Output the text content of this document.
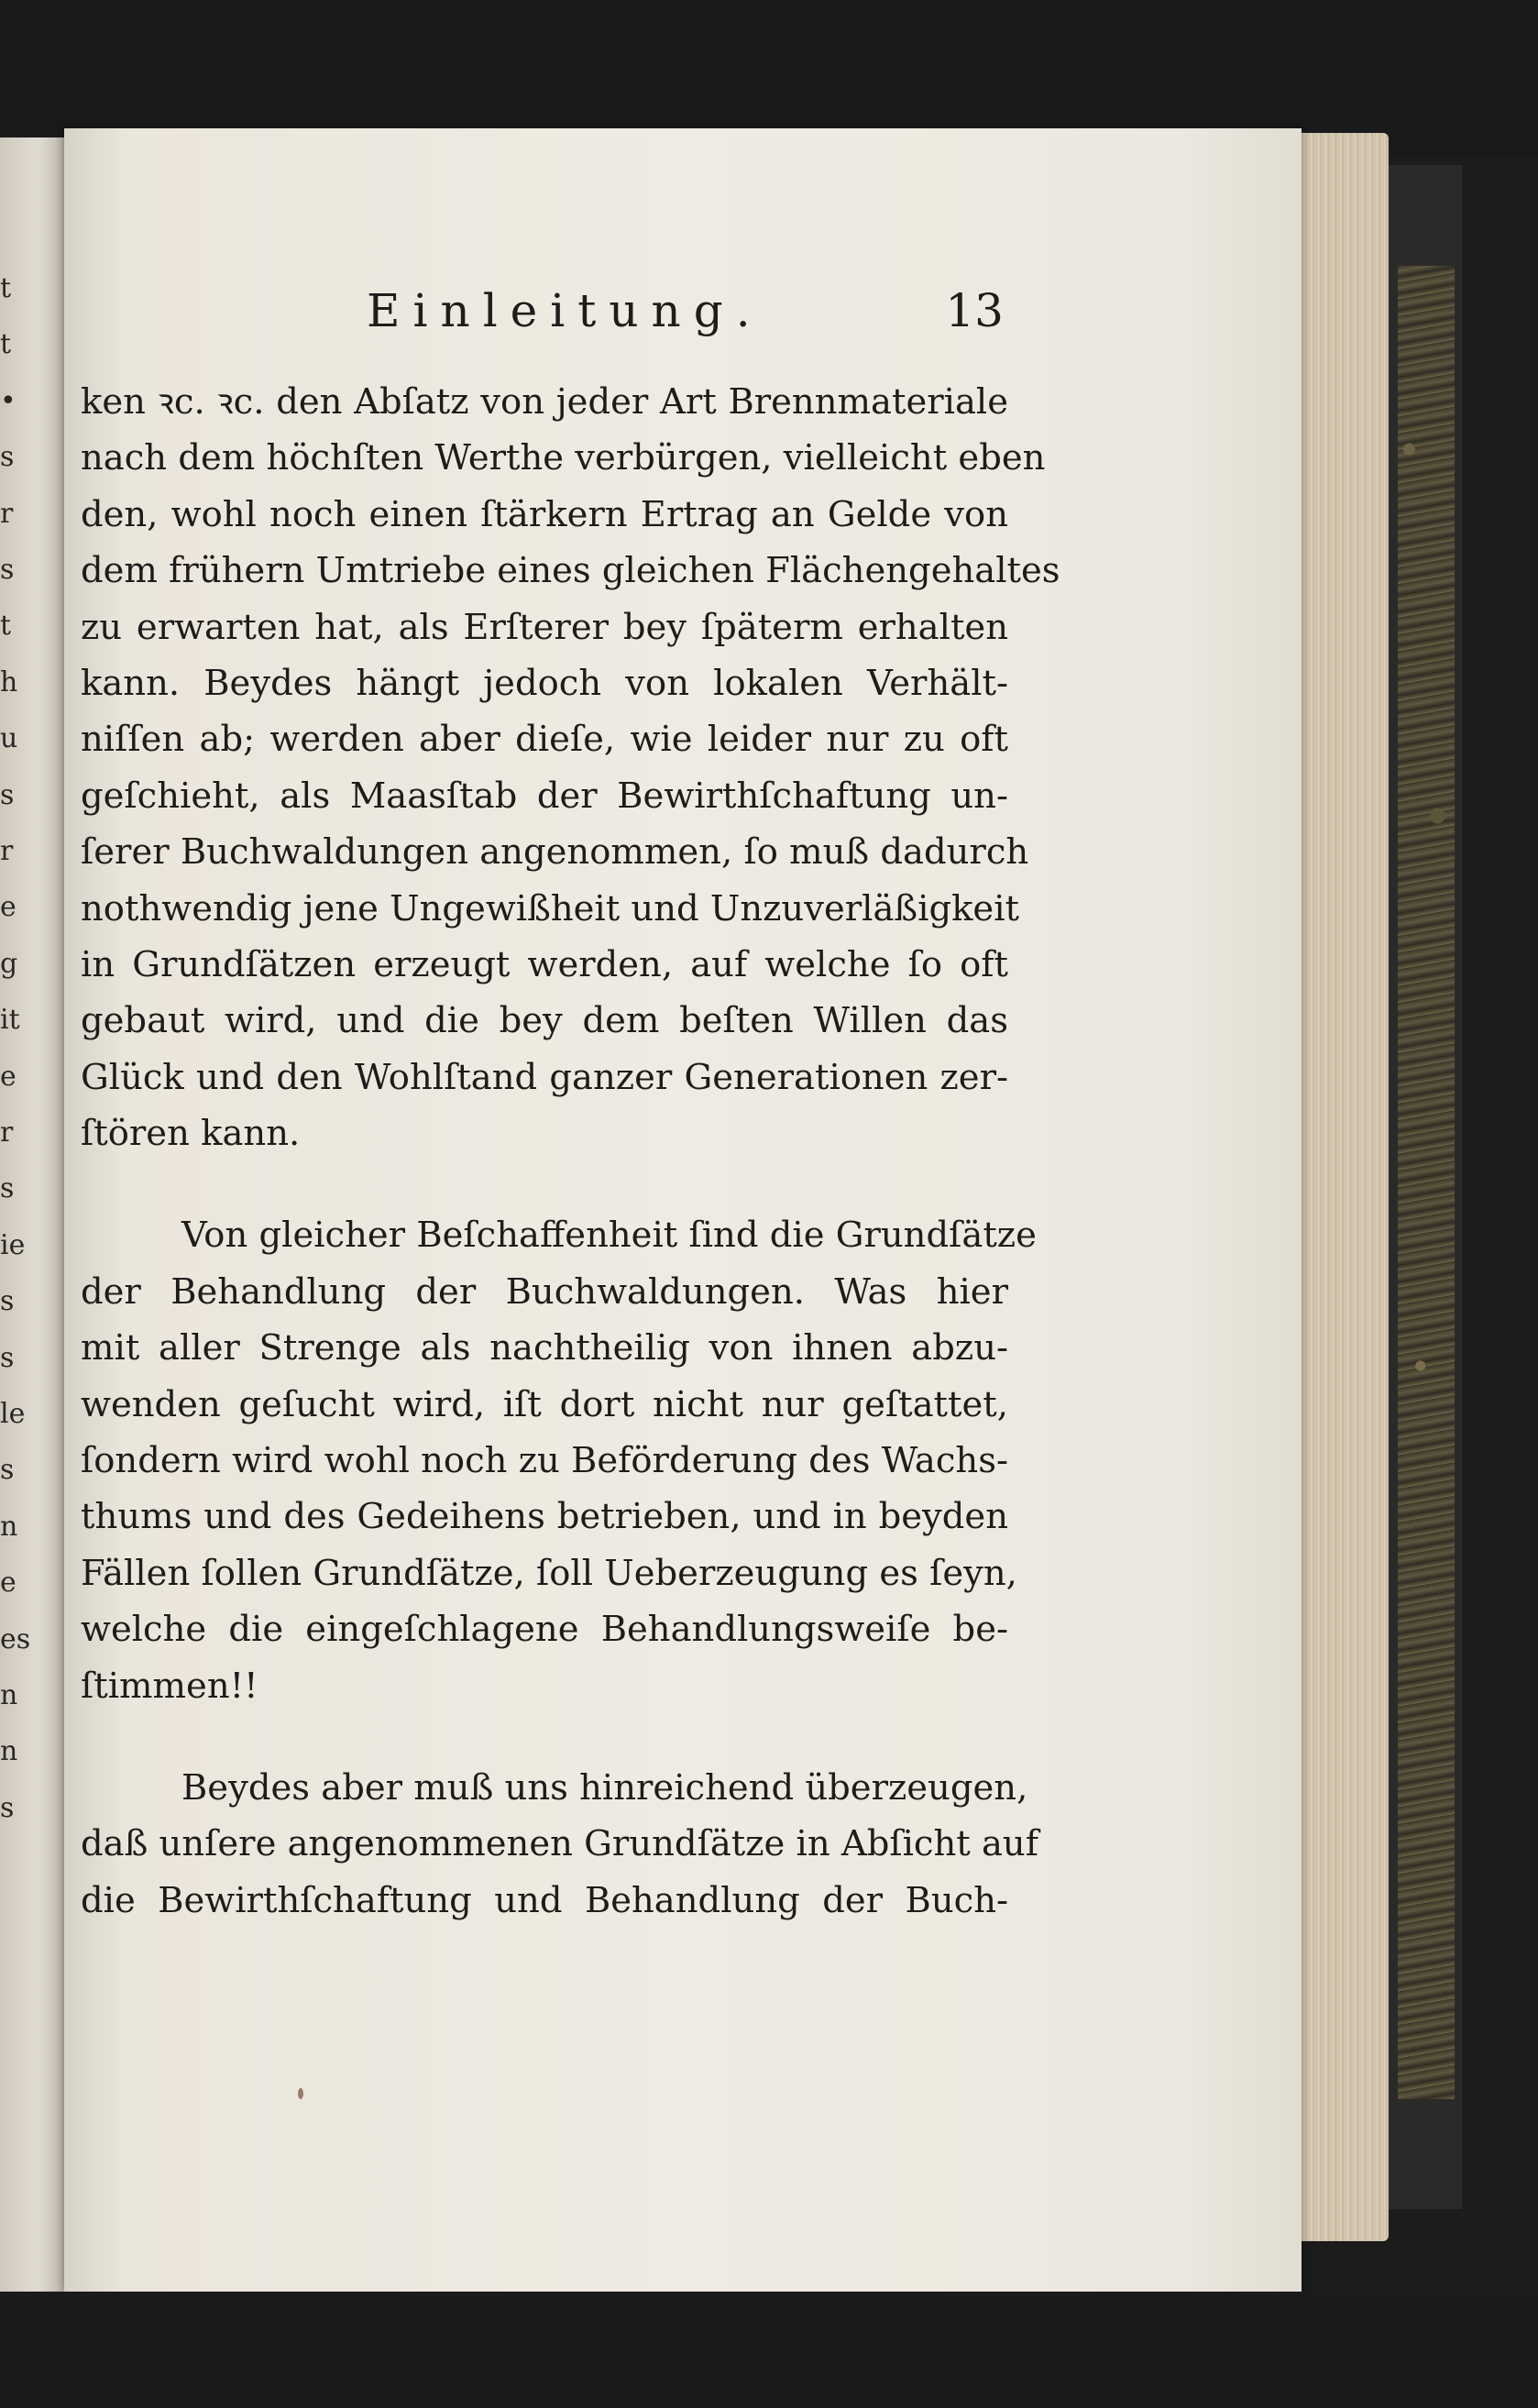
t
t
•
s
r
s
t
h
u
s
r
e
g
it
e
r
s
ie
s
s
le
s
n
e
es
n
n
s
Einleitung.	13
ken ꝛc. ꝛc. den Abſatz von jeder Art Brennmateriale
nach dem höchſten Werthe verbürgen, vielleicht eben
den, wohl noch einen ſtärkern Ertrag an Gelde von
dem frühern Umtriebe eines gleichen Flächengehaltes
zu erwarten hat, als Erſterer bey ſpäterm erhalten
kann. Beydes hängt jedoch von lokalen Verhält-
niſſen ab; werden aber dieſe, wie leider nur zu oft
geſchieht, als Maasſtab der Bewirthſchaftung un-
ſerer Buchwaldungen angenommen, ſo muß dadurch
nothwendig jene Ungewißheit und Unzuverläßigkeit
in Grundſätzen erzeugt werden, auf welche ſo oft
gebaut wird, und die bey dem beſten Willen das
Glück und den Wohlſtand ganzer Generationen zer-
ſtören kann.
Von gleicher Beſchaffenheit ſind die Grundſätze
der Behandlung der Buchwaldungen. Was hier
mit aller Strenge als nachtheilig von ihnen abzu-
wenden geſucht wird, iſt dort nicht nur geſtattet,
ſondern wird wohl noch zu Beförderung des Wachs-
thums und des Gedeihens betrieben, und in beyden
Fällen ſollen Grundſätze, ſoll Ueberzeugung es ſeyn,
welche die eingeſchlagene Behandlungsweiſe be-
ſtimmen!!
Beydes aber muß uns hinreichend überzeugen,
daß unſere angenommenen Grundſätze in Abſicht auf
die Bewirthſchaftung und Behandlung der Buch-
